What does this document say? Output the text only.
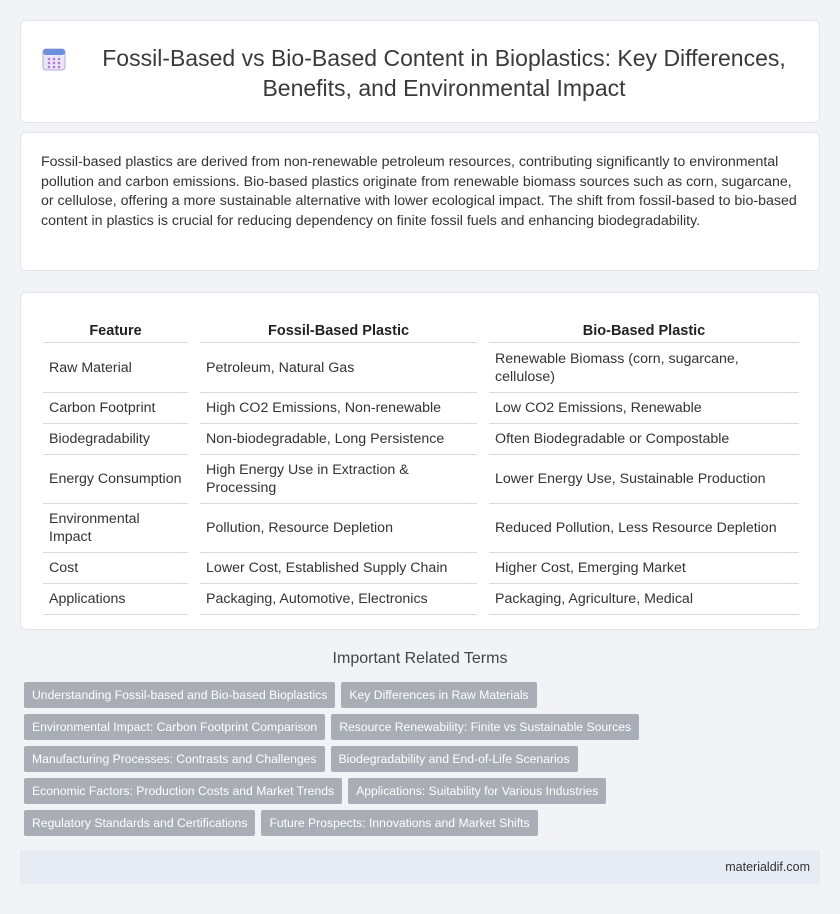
Fossil-Based vs Bio-Based Content in Bioplastics: Key Differences, Benefits, and Environmental Impact

Fossil-based plastics are derived from non-renewable petroleum resources, contributing significantly to environmental pollution and carbon emissions. Bio-based plastics originate from renewable biomass sources such as corn, sugarcane, or cellulose, offering a more sustainable alternative with lower ecological impact. The shift from fossil-based to bio-based content in plastics is crucial for reducing dependency on finite fossil fuels and enhancing biodegradability.

Feature		Fossil-Based Plastic		Bio-Based Plastic
Raw Material		Petroleum, Natural Gas		Renewable Biomass (corn, sugarcane, cellulose)
Carbon Footprint		High CO2 Emissions, Non-renewable		Low CO2 Emissions, Renewable
Biodegradability		Non-biodegradable, Long Persistence		Often Biodegradable or Compostable
Energy Consumption		High Energy Use in Extraction & Processing		Lower Energy Use, Sustainable Production
Environmental Impact		Pollution, Resource Depletion		Reduced Pollution, Less Resource Depletion
Cost		Lower Cost, Established Supply Chain		Higher Cost, Emerging Market
Applications		Packaging, Automotive, Electronics		Packaging, Agriculture, Medical
Important Related Terms
Understanding Fossil-based and Bio-based Bioplastics	Key Differences in Raw Materials
Environmental Impact: Carbon Footprint Comparison	Resource Renewability: Finite vs Sustainable Sources
Manufacturing Processes: Contrasts and Challenges	Biodegradability and End-of-Life Scenarios
Economic Factors: Production Costs and Market Trends	Applications: Suitability for Various Industries
Regulatory Standards and Certifications	Future Prospects: Innovations and Market Shifts
materialdif.com
